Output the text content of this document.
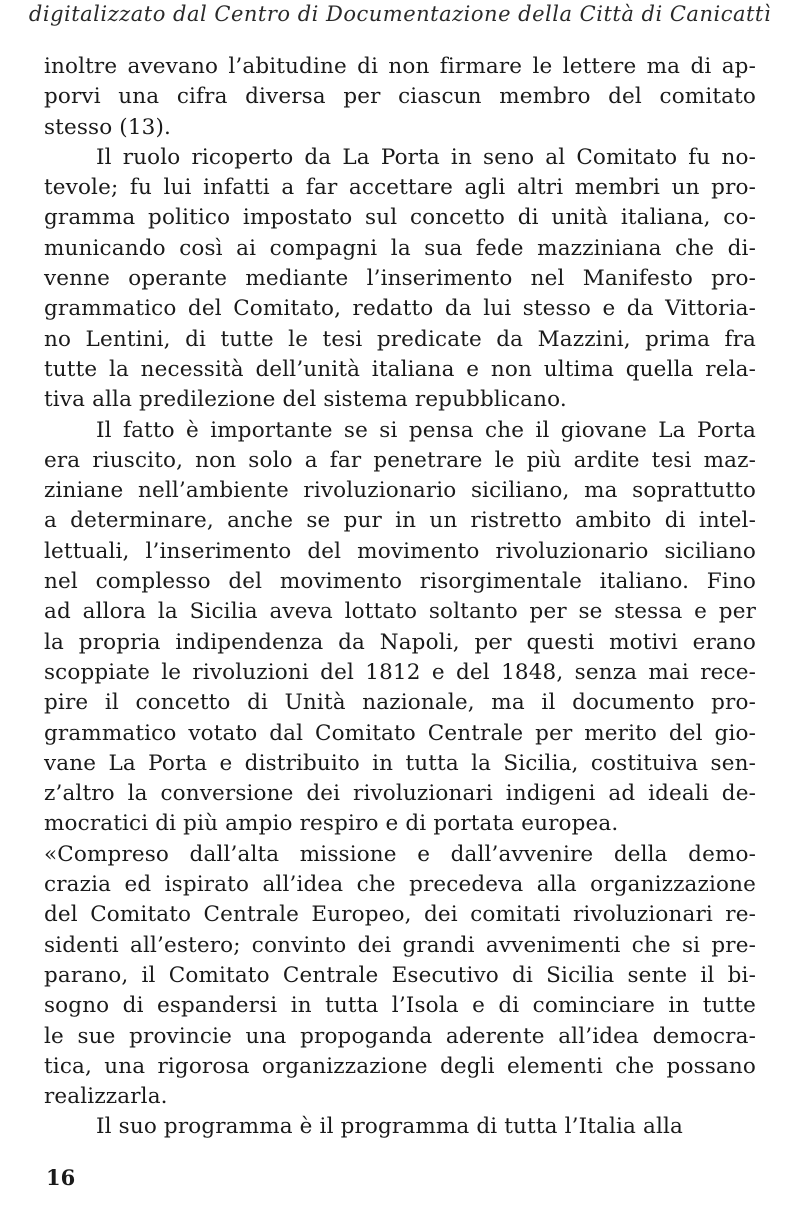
digitalizzato dal Centro di Documentazione della Città di Canicattì

inoltre avevano l’abitudine di non firmare le lettere ma di ap-
porvi una cifra diversa per ciascun membro del comitato
stesso (13).

Il ruolo ricoperto da La Porta in seno al Comitato fu no-
tevole; fu lui infatti a far accettare agli altri membri un pro-
gramma politico impostato sul concetto di unità italiana, co-
municando così ai compagni la sua fede mazziniana che di-
venne operante mediante l’inserimento nel Manifesto pro-
grammatico del Comitato, redatto da lui stesso e da Vittoria-
no Lentini, di tutte le tesi predicate da Mazzini, prima fra
tutte la necessità dell’unità italiana e non ultima quella rela-
tiva alla predilezione del sistema repubblicano.

Il fatto è importante se si pensa che il giovane La Porta
era riuscito, non solo a far penetrare le più ardite tesi maz-
ziniane nell’ambiente rivoluzionario siciliano, ma soprattutto
a determinare, anche se pur in un ristretto ambito di intel-
lettuali, l’inserimento del movimento rivoluzionario siciliano
nel complesso del movimento risorgimentale italiano. Fino
ad allora la Sicilia aveva lottato soltanto per se stessa e per
la propria indipendenza da Napoli, per questi motivi erano
scoppiate le rivoluzioni del 1812 e del 1848, senza mai rece-
pire il concetto di Unità nazionale, ma il documento pro-
grammatico votato dal Comitato Centrale per merito del gio-
vane La Porta e distribuito in tutta la Sicilia, costituiva sen-
z’altro la conversione dei rivoluzionari indigeni ad ideali de-
mocratici di più ampio respiro e di portata europea.

«Compreso dall’alta missione e dall’avvenire della demo-
crazia ed ispirato all’idea che precedeva alla organizzazione
del Comitato Centrale Europeo, dei comitati rivoluzionari re-
sidenti all’estero; convinto dei grandi avvenimenti che si pre-
parano, il Comitato Centrale Esecutivo di Sicilia sente il bi-
sogno di espandersi in tutta l’Isola e di cominciare in tutte
le sue provincie una propoganda aderente all’idea democra-
tica, una rigorosa organizzazione degli elementi che possano
realizzarla.

Il suo programma è il programma di tutta l’Italia alla

16
